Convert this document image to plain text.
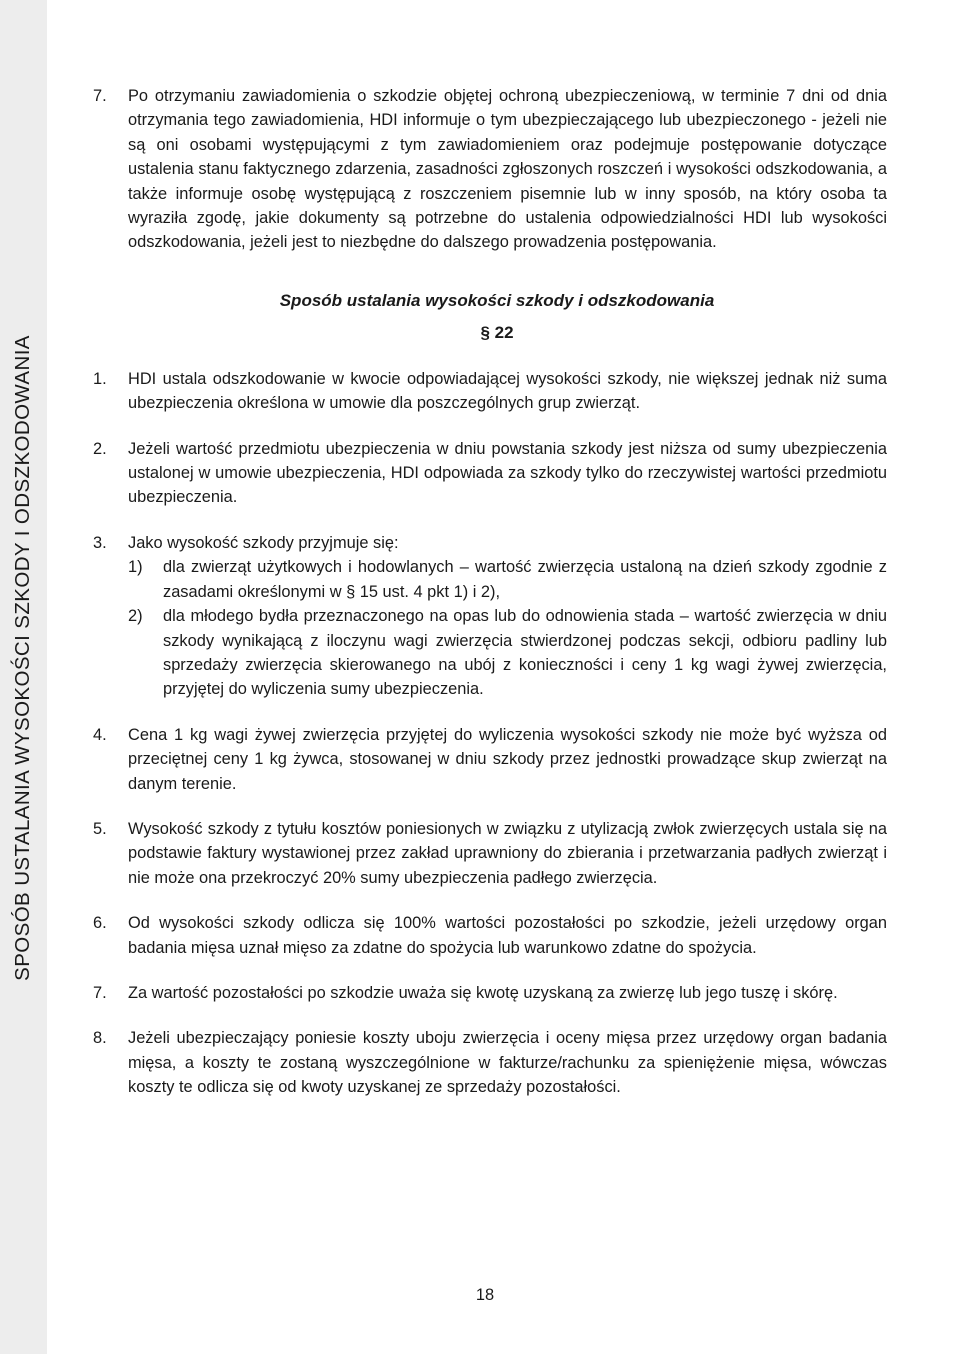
SPOSÓB USTALANIA WYSOKOŚCI SZKODY I ODSZKODOWANIA
7.	Po otrzymaniu zawiadomienia o szkodzie objętej ochroną ubezpieczeniową, w terminie 7 dni od dnia otrzymania tego zawiadomienia, HDI informuje o tym ubezpieczającego lub ubezpieczonego - jeżeli nie są oni osobami występującymi z tym zawiadomieniem oraz podejmuje postępowanie dotyczące ustalenia stanu faktycznego zdarzenia, zasadności zgłoszonych roszczeń i wysokości odszkodowania, a także informuje osobę występującą z roszczeniem pisemnie lub w inny sposób, na który osoba ta wyraziła zgodę, jakie dokumenty są potrzebne do ustalenia odpowiedzialności HDI lub wysokości odszkodowania, jeżeli jest to niezbędne do dalszego prowadzenia postępowania.
Sposób ustalania wysokości szkody i odszkodowania
§ 22
1.	HDI ustala odszkodowanie w kwocie odpowiadającej wysokości szkody, nie większej jednak niż suma ubezpieczenia określona w umowie dla poszczególnych grup zwierząt.
2.	Jeżeli wartość przedmiotu ubezpieczenia w dniu powstania szkody jest niższa od sumy ubezpieczenia ustalonej w umowie ubezpieczenia, HDI odpowiada za szkody tylko do rzeczywistej wartości przedmiotu ubezpieczenia.
3.	Jako wysokość szkody przyjmuje się:
1)	dla zwierząt użytkowych i hodowlanych – wartość zwierzęcia ustaloną na dzień szkody zgodnie z zasadami określonymi w § 15 ust. 4 pkt 1) i 2),
2)	dla młodego bydła przeznaczonego na opas lub do odnowienia stada – wartość zwierzęcia w dniu szkody wynikającą z iloczynu wagi zwierzęcia stwierdzonej podczas sekcji, odbioru padliny lub sprzedaży zwierzęcia skierowanego na ubój z konieczności i ceny 1 kg wagi żywej zwierzęcia, przyjętej do wyliczenia sumy ubezpieczenia.
4.	Cena 1 kg wagi żywej zwierzęcia przyjętej do wyliczenia wysokości szkody nie może być wyższa od przeciętnej ceny 1 kg żywca, stosowanej w dniu szkody przez jednostki prowadzące skup zwierząt na danym terenie.
5.	Wysokość szkody z tytułu kosztów poniesionych w związku z utylizacją zwłok zwierzęcych ustala się na podstawie faktury wystawionej przez zakład uprawniony do zbierania i przetwarzania padłych zwierząt i nie może ona przekroczyć 20% sumy ubezpieczenia padłego zwierzęcia.
6.	Od wysokości szkody odlicza się 100% wartości pozostałości po szkodzie, jeżeli urzędowy organ badania mięsa uznał mięso za zdatne do spożycia lub warunkowo zdatne do spożycia.
7.	Za wartość pozostałości po szkodzie uważa się kwotę uzyskaną za zwierzę lub jego tuszę i skórę.
8.	Jeżeli ubezpieczający poniesie koszty uboju zwierzęcia i oceny mięsa przez urzędowy organ badania mięsa, a koszty te zostaną wyszczególnione w fakturze/rachunku za spieniężenie mięsa, wówczas koszty te odlicza się od kwoty uzyskanej ze sprzedaży pozostałości.
18
